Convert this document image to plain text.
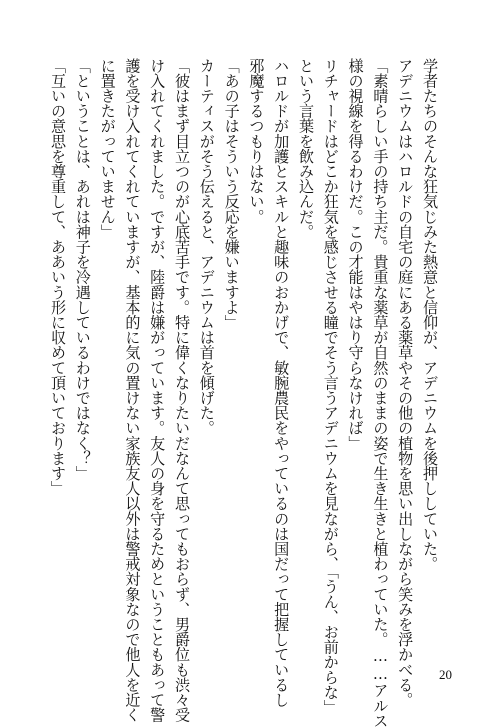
学者たちのそんな狂気じみた熱意と信仰が、アデニウムを後押ししていた。
アデニウムはハロルドの自宅の庭にある薬草やその他の植物を思い出しながら笑みを浮かべる。
「素晴らしい手の持ち主だ。貴重な薬草が自然のままの姿で生き生きと植わっていた。……アルス
様の視線を得るわけだ。この才能はやはり守らなければ」
リチャードはどこか狂気を感じさせる瞳でそう言うアデニウムを見ながら、「うん、お前からな」
という言葉を飲み込んだ。
ハロルドが加護とスキルと趣味のおかげで、敏腕農民をやっているのは国だって把握しているし
邪魔するつもりはない。
「あの子はそういう反応を嫌いますよ」
カーティスがそう伝えると、アデニウムは首を傾げた。
「彼はまず目立つのが心底苦手です。特に偉くなりたいだなんて思ってもおらず、男爵位も渋々受
け入れてくれました。ですが、陸爵は嫌がっています。友人の身を守るためということもあって警
護を受け入れてくれていますが、基本的に気の置けない家族友人以外は警戒対象なので他人を近く
に置きたがっていません」
「ということは、あれは神子を冷遇しているわけではなく？」
「互いの意思を尊重して、ああいう形に収めて頂いております」
20
